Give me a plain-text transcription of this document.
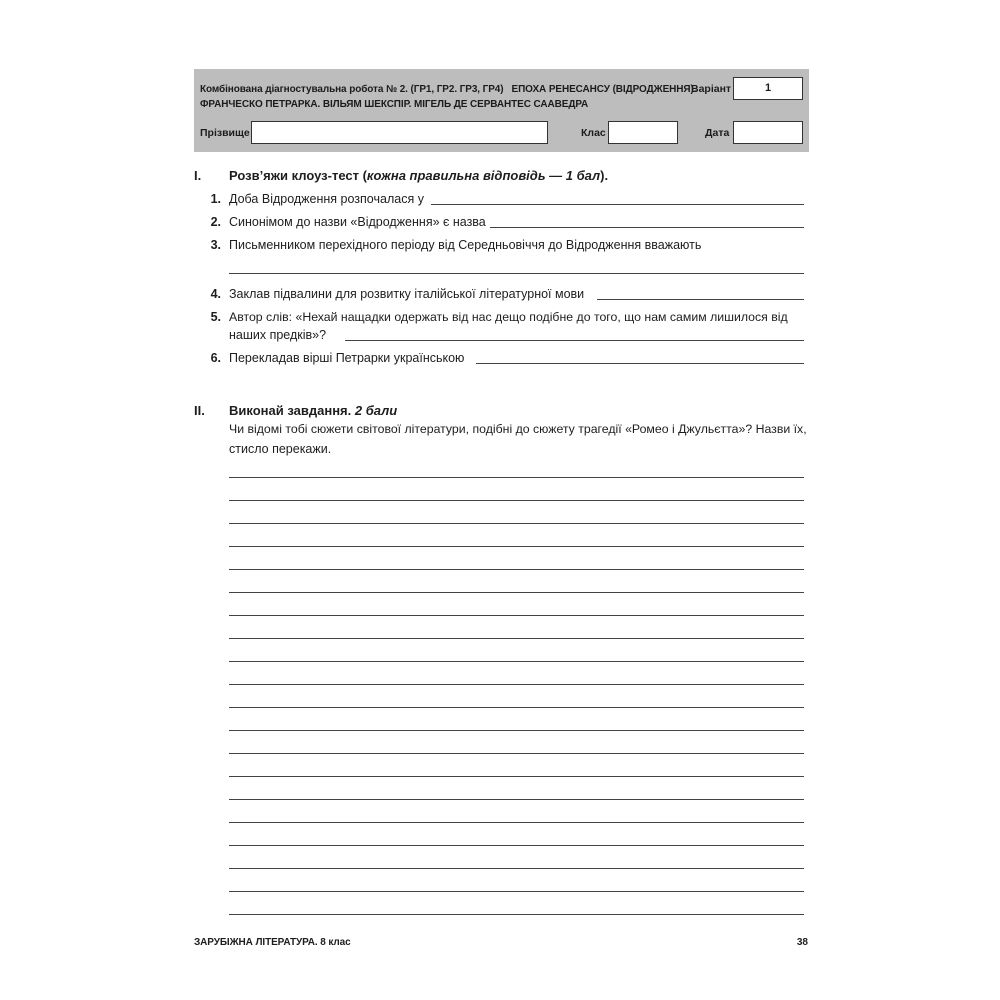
Комбінована діагностувальна робота № 2. (ГР1, ГР2. ГР3, ГР4)   ЕПОХА РЕНЕСАНСУ (ВІДРОДЖЕННЯ).
ФРАНЧЕСКО ПЕТРАРКА. ВІЛЬЯМ ШЕКСПІР. МІГЕЛЬ ДЕ СЕРВАНТЕС СААВЕДРА
Варіант	1
Прізвище	Клас	Дата
I. Розв’яжи клоуз-тест (кожна правильна відповідь — 1 бал).
1. Доба Відродження розпочалася у
2. Синонімом до назви «Відродження» є назва
3. Письменником перехідного періоду від Середньовіччя до Відродження вважають
4. Заклав підвалини для розвитку італійської літературної мови
5. Автор слів: «Нехай нащадки одержать від нас дещо подібне до того, що нам самим лишилося від
наших предків»?
6. Перекладав вірші Петрарки українською
II. Виконай завдання. 2 бали
Чи відомі тобі сюжети світової літератури, подібні до сюжету трагедії «Ромео і Джульєтта»? Назви їх,
стисло перекажи.
ЗАРУБІЖНА ЛІТЕРАТУРА. 8 клас	38
